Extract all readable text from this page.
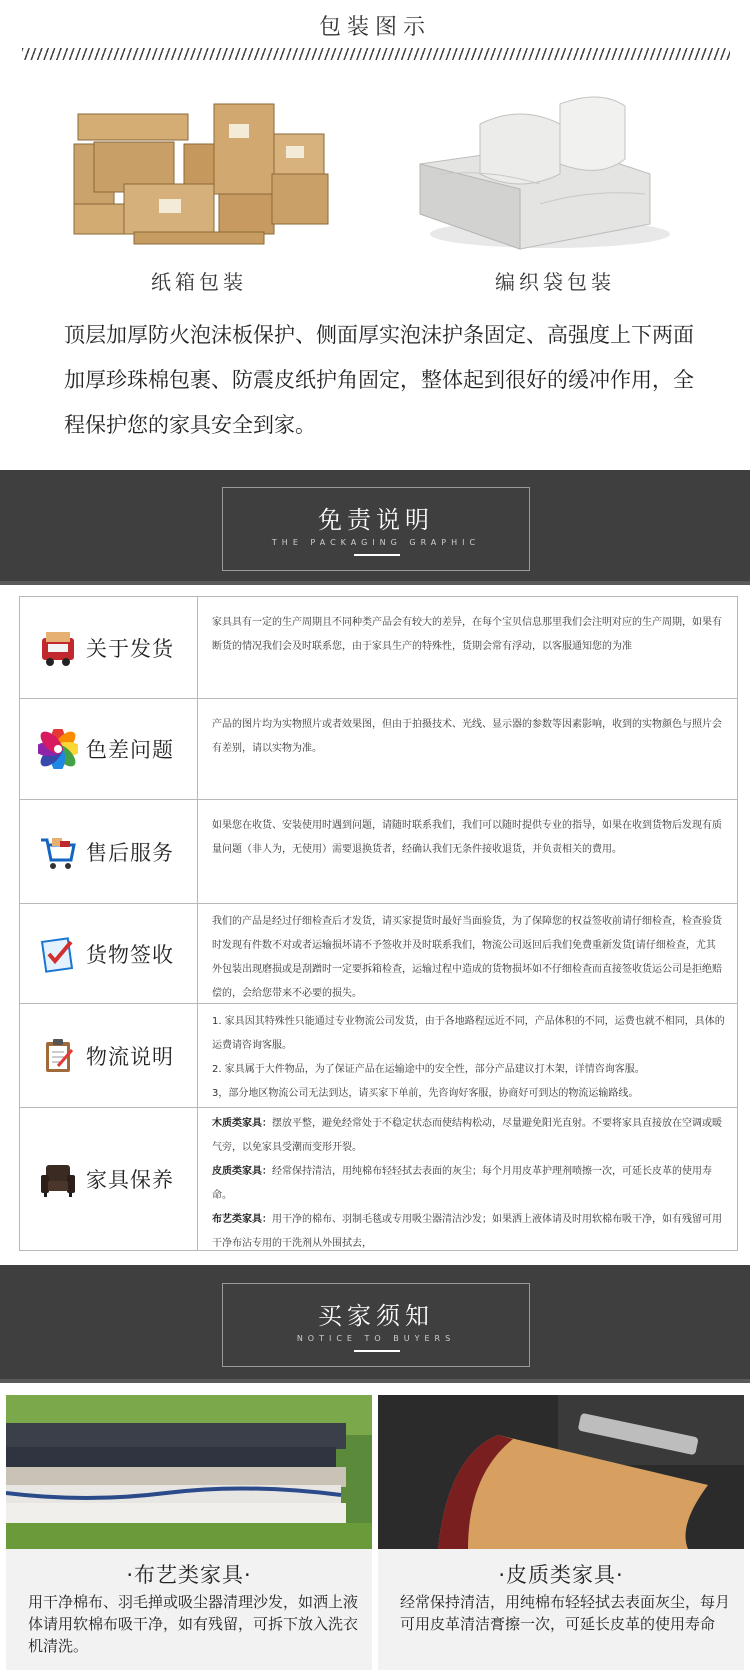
包装图示
纸箱包装	编织袋包装
顶层加厚防火泡沫板保护、侧面厚实泡沫护条固定、高强度上下两面加厚珍珠棉包裹、防震皮纸护角固定，整体起到很好的缓冲作用，全程保护您的家具安全到家。
免责说明
THE PACKAGING GRAPHIC
关于发货

家具具有一定的生产周期且不同种类产品会有较大的差异，在每个宝贝信息那里我们会注明对应的生产周期，如果有断货的情况我们会及时联系您，由于家具生产的特殊性，货期会常有浮动，以客服通知您的为准

色差问题

产品的图片均为实物照片或者效果图，但由于拍摄技术、光线、显示器的参数等因素影响，收到的实物颜色与照片会有差别，请以实物为准。

售后服务

如果您在收货、安装使用时遇到问题，请随时联系我们，我们可以随时提供专业的指导，如果在收到货物后发现有质量问题（非人为，无使用）需要退换货者，经确认我们无条件接收退货，并负责相关的费用。

货物签收

我们的产品是经过仔细检查后才发货，请买家提货时最好当面验货，为了保障您的权益签收前请仔细检查，检查验货时发现有件数不对或者运输损坏请不予签收并及时联系我们，物流公司返回后我们免费重新发货[请仔细检查，尤其外包装出现磨损或是刮蹭时一定要拆箱检查，运输过程中造成的货物损坏如不仔细检查而直接签收货运公司是拒绝赔偿的，会给您带来不必要的损失。

物流说明

1. 家具因其特殊性只能通过专业物流公司发货，由于各地路程远近不同，产品体积的不同，运费也就不相同，具体的运费请咨询客服。

2. 家具属于大件物品，为了保证产品在运输途中的安全性，部分产品建议打木架，详情咨询客服。

3，部分地区物流公司无法到达，请买家下单前，先咨询好客服，协商好可到达的物流运输路线。

家具保养

木质类家具：摆放平整，避免经常处于不稳定状态而使结构松动，尽量避免阳光直射。不要将家具直接放在空调或暖气旁，以免家具受潮而变形开裂。

皮质类家具：经常保持清洁，用纯棉布轻轻拭去表面的灰尘；每个月用皮革护理剂喷擦一次，可延长皮革的使用寿命。

布艺类家具：用干净的棉布、羽制毛毯或专用吸尘器清洁沙发；如果洒上液体请及时用软棉布吸干净，如有残留可用干净布沾专用的干洗剂从外围拭去，

买家须知
NOTICE TO BUYERS
·布艺类家具·
用干净棉布、羽毛掸或吸尘器清理沙发，如洒上液体请用软棉布吸干净，如有残留，可拆下放入洗衣机清洗。
·皮质类家具·
经常保持清洁，用纯棉布轻轻拭去表面灰尘，每月可用皮革清洁膏擦一次，可延长皮革的使用寿命
